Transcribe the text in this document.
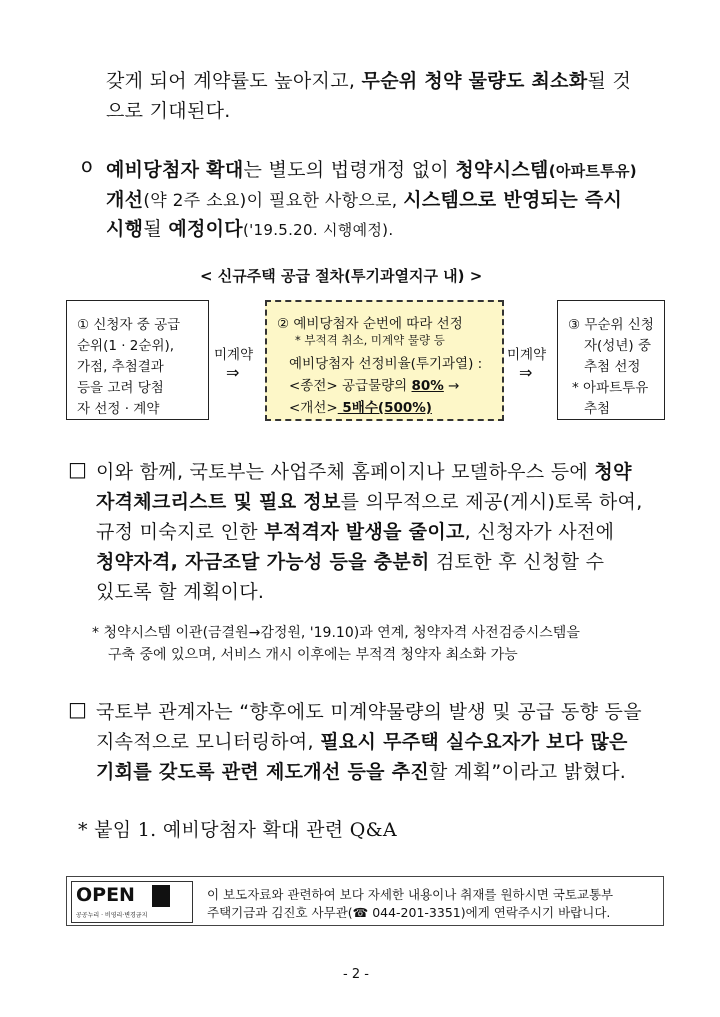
갖게 되어 계약률도 높아지고, 무순위 청약 물량도 최소화될 것
으로 기대된다.
o 예비당첨자 확대는 별도의 법령개정 없이 청약시스템(아파트투유)
개선(약 2주 소요)이 필요한 사항으로, 시스템으로 반영되는 즉시
시행될 예정이다('19.5.20. 시행예정).
< 신규주택 공급 절차(투기과열지구 내) >
① 신청자 중 공급
순위(1 · 2순위),
가점, 추첨결과
등을 고려 당첨
자 선정 · 계약
미계약
⇒
② 예비당첨자 순번에 따라 선정
* 부적격 취소, 미계약 물량 등
예비당첨자 선정비율(투기과열) :
<종전> 공급물량의 80% →
<개선> 5배수(500%)
미계약
⇒
③ 무순위 신청
자(성년) 중
추첨 선정
* 아파트투유
추첨
□ 이와 함께, 국토부는 사업주체 홈페이지나 모델하우스 등에 청약
자격체크리스트 및 필요 정보를 의무적으로 제공(게시)토록 하여,
규정 미숙지로 인한 부적격자 발생을 줄이고, 신청자가 사전에
청약자격, 자금조달 가능성 등을 충분히 검토한 후 신청할 수
있도록 할 계획이다.
* 청약시스템 이관(금결원→감정원, '19.10)과 연계, 청약자격 사전검증시스템을
구축 중에 있으며, 서비스 개시 이후에는 부적격 청약자 최소화 가능
□ 국토부 관계자는 “향후에도 미계약물량의 발생 및 공급 동향 등을
지속적으로 모니터링하여, 필요시 무주택 실수요자가 보다 많은
기회를 갖도록 관련 제도개선 등을 추진할 계획”이라고 밝혔다.
* 붙임 1. 예비당첨자 확대 관련 Q&A
OPEN
공공누리 · 비영리·변경금지
이 보도자료와 관련하여 보다 자세한 내용이나 취재를 원하시면 국토교통부
주택기금과 김진호 사무관(☎ 044-201-3351)에게 연락주시기 바랍니다.
- 2 -
